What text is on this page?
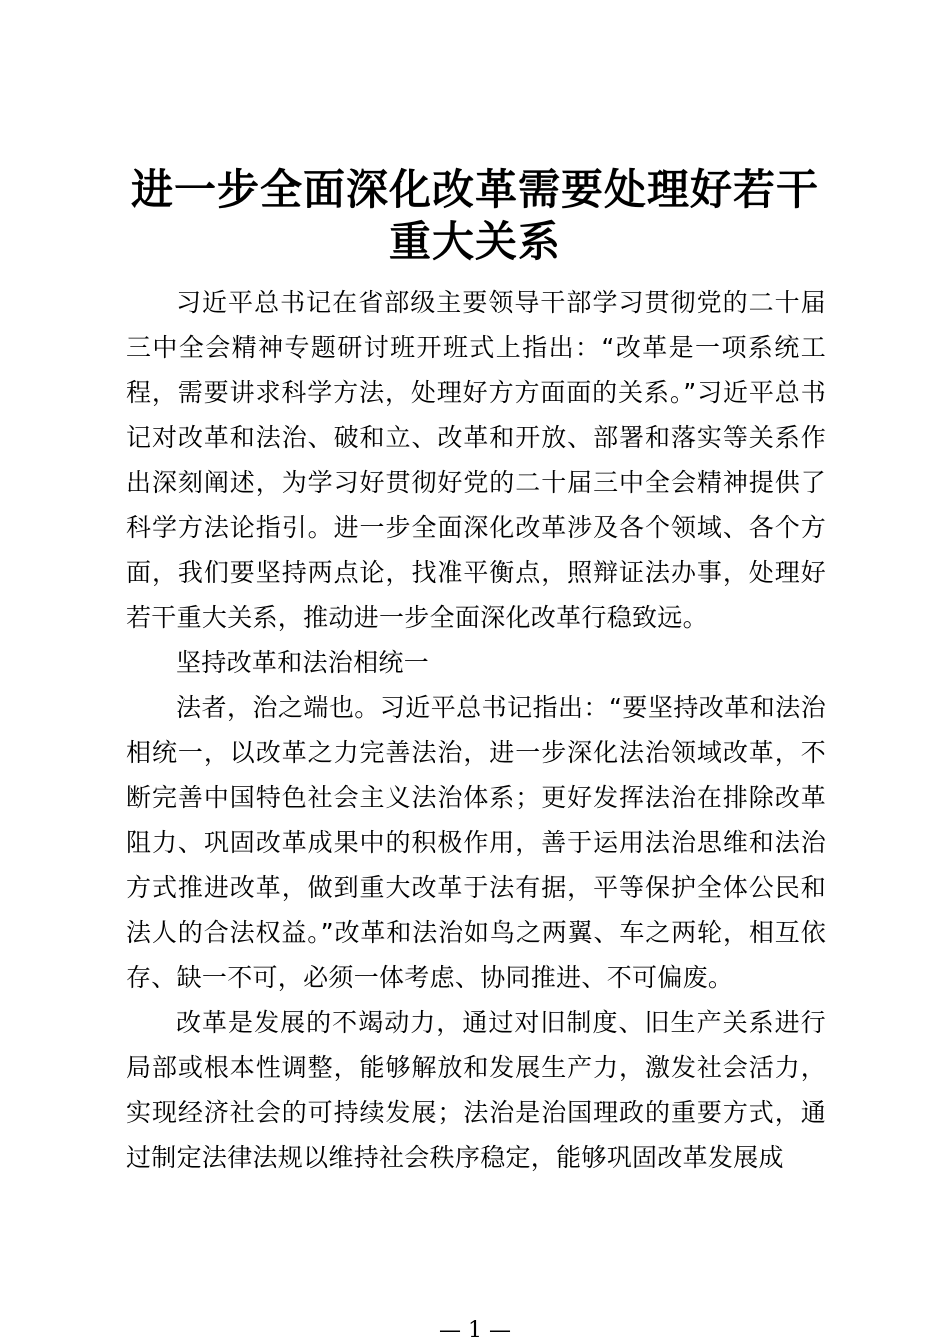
进一步全面深化改革需要处理好若干重大关系

习近平总书记在省部级主要领导干部学习贯彻党的二十届三中全会精神专题研讨班开班式上指出：“改革是一项系统工程，需要讲求科学方法，处理好方方面面的关系。”习近平总书记对改革和法治、破和立、改革和开放、部署和落实等关系作出深刻阐述，为学习好贯彻好党的二十届三中全会精神提供了科学方法论指引。进一步全面深化改革涉及各个领域、各个方面，我们要坚持两点论，找准平衡点，照辩证法办事，处理好若干重大关系，推动进一步全面深化改革行稳致远。

坚持改革和法治相统一

法者，治之端也。习近平总书记指出：“要坚持改革和法治相统一，以改革之力完善法治，进一步深化法治领域改革，不断完善中国特色社会主义法治体系；更好发挥法治在排除改革阻力、巩固改革成果中的积极作用，善于运用法治思维和法治方式推进改革，做到重大改革于法有据，平等保护全体公民和法人的合法权益。”改革和法治如鸟之两翼、车之两轮，相互依存、缺一不可，必须一体考虑、协同推进、不可偏废。

改革是发展的不竭动力，通过对旧制度、旧生产关系进行局部或根本性调整，能够解放和发展生产力，激发社会活力，实现经济社会的可持续发展；法治是治国理政的重要方式，通过制定法律法规以维持社会秩序稳定，能够巩固改革发展成

— 1 —
